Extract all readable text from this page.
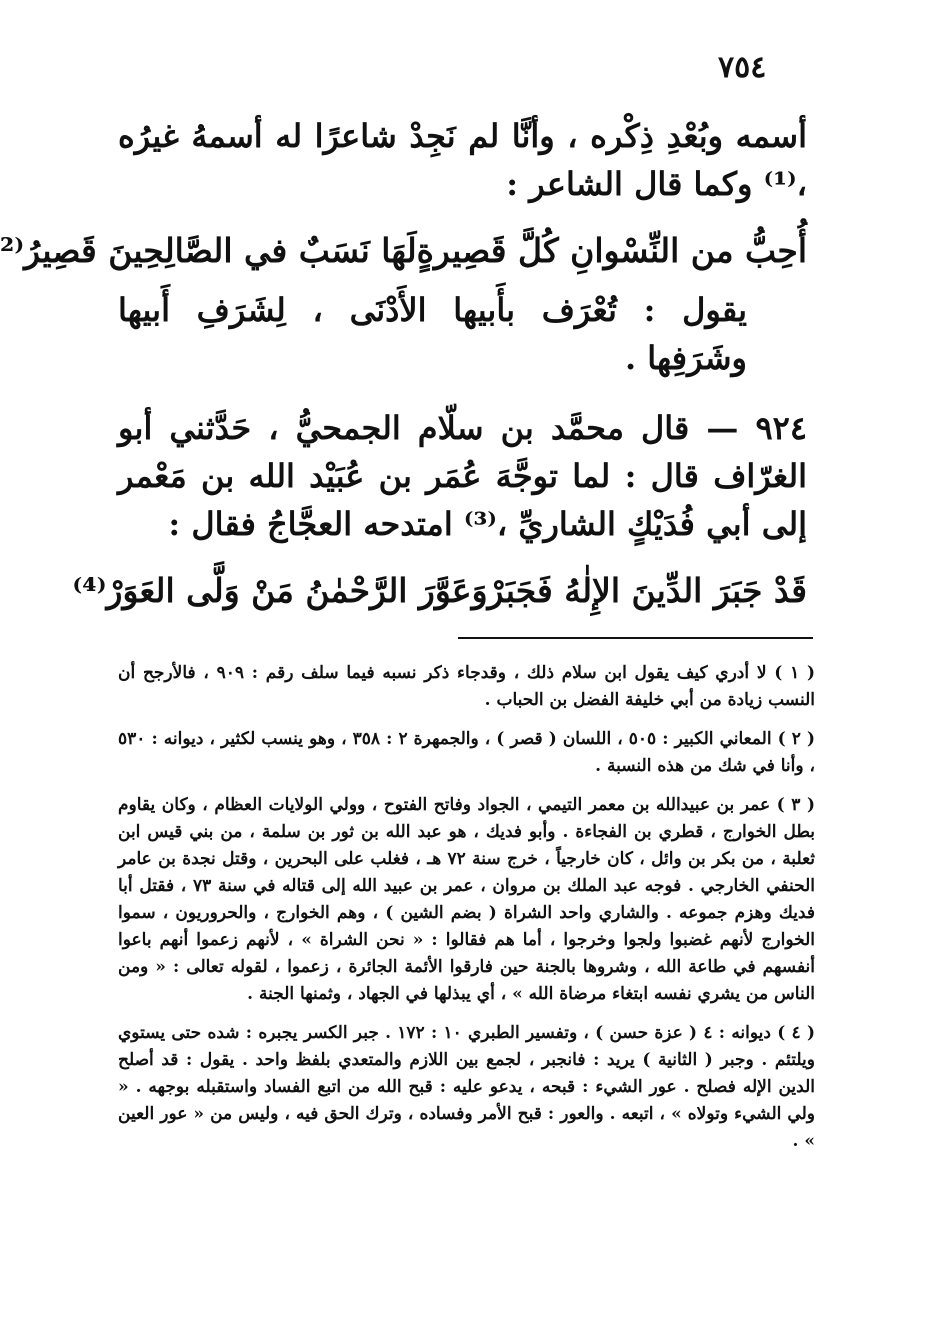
٧٥٤

أسمه وبُعْدِ ذِكْره ، وأنَّا لم نَجِدْ شاعرًا له أسمهُ غيرُه ،⁽¹⁾ وكما قال الشاعر :

أُحِبُّ من النِّسْوانِ كُلَّ قَصِيرةٍ
لَهَا نَسَبٌ في الصَّالِحِينَ قَصِيرُ⁽²

يقول : تُعْرَف بأَبيها الأَدْنَى ، لِشَرَفِ أَبيها وشَرَفِها .

٩٢٤ — قال محمَّد بن سلّام الجمحيُّ ، حَدَّثني أبو الغرّاف قال : لما توجَّهَ عُمَر بن عُبَيْد الله بن مَعْمر إلى أبي فُدَيْكٍ الشاريِّ ،⁽³⁾ امتدحه العجَّاجُ فقال :

قَدْ جَبَرَ الدِّينَ الإِلٰهُ فَجَبَرْ
وَعَوَّرَ الرَّحْمٰنُ مَنْ وَلَّى العَوَرْ⁽⁴⁾

( ١ ) لا أدري كيف يقول ابن سلام ذلك ، وقدجاء ذكر نسبه فيما سلف رقم : ٩٠٩ ، فالأرجح أن النسب زيادة من أبي خليفة الفضل بن الحباب .

( ٢ ) المعاني الكبير : ٥٠٥ ، اللسان ( قصر ) ، والجمهرة ٢ : ٣٥٨ ، وهو ينسب لكثير ، ديوانه : ٥٣٠ ، وأنا في شك من هذه النسبة .

( ٣ ) عمر بن عبيدالله بن معمر التيمي ، الجواد وفاتح الفتوح ، وولي الولايات العظام ، وكان يقاوم بطل الخوارج ، قطري بن الفجاءة . وأبو فديك ، هو عبد الله بن ثور بن سلمة ، من بني قيس ابن ثعلبة ، من بكر بن وائل ، كان خارجياً ، خرج سنة ٧٢ هـ ، فغلب على البحرين ، وقتل نجدة بن عامر الحنفي الخارجي . فوجه عبد الملك بن مروان ، عمر بن عبيد الله إلى قتاله في سنة ٧٣ ، فقتل أبا فديك وهزم جموعه . والشاري واحد الشراة ( بضم الشين ) ، وهم الخوارج ، والحروريون ، سموا الخوارج لأنهم غضبوا ولجوا وخرجوا ، أما هم فقالوا : « نحن الشراة » ، لأنهم زعموا أنهم باعوا أنفسهم في طاعة الله ، وشروها بالجنة حين فارقوا الأئمة الجائرة ، زعموا ، لقوله تعالى : « ومن الناس من يشري نفسه ابتغاء مرضاة الله » ، أي يبذلها في الجهاد ، وثمنها الجنة .

( ٤ ) ديوانه : ٤ ( عزة حسن ) ، وتفسير الطبري ١٠ : ١٧٢ . جبر الكسر يجبره : شده حتى يستوي ويلتئم . وجبر ( الثانية ) يريد : فانجبر ، لجمع بين اللازم والمتعدي بلفظ واحد . يقول : قد أصلح الدين الإله فصلح . عور الشيء : قبحه ، يدعو عليه : قبح الله من اتبع الفساد واستقبله بوجهه . « ولي الشيء وتولاه » ، اتبعه . والعور : قبح الأمر وفساده ، وترك الحق فيه ، وليس من « عور العين » .
